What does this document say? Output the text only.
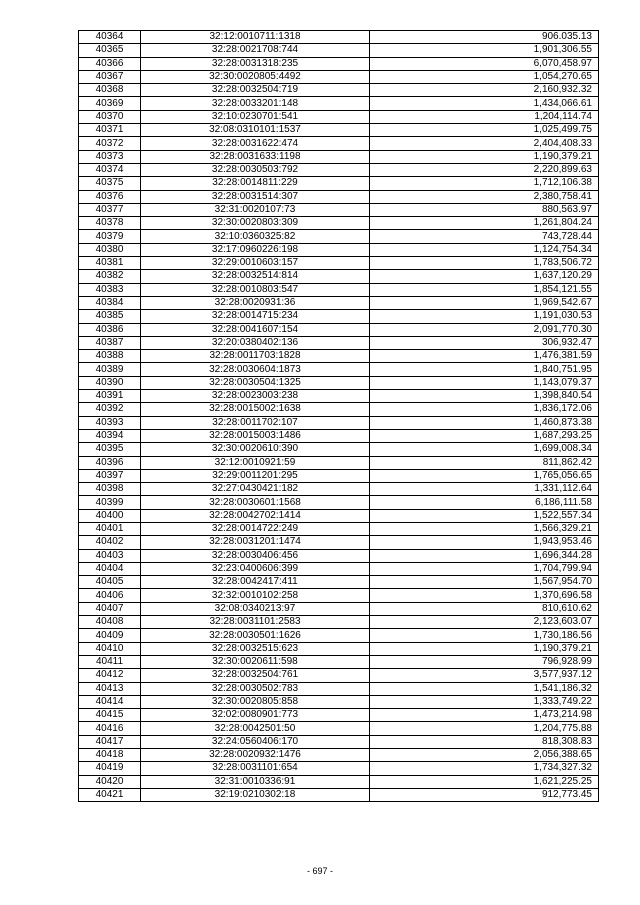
40364	32:12:0010711:1318	906.035.13
40365	32:28:0021708:744	1,901,306.55
40366	32:28:0031318:235	6,070,458.97
40367	32:30:0020805:4492	1,054,270.65
40368	32:28:0032504:719	2,160,932.32
40369	32:28:0033201:148	1,434,066.61
40370	32:10:0230701:541	1,204,114.74
40371	32:08:0310101:1537	1,025,499.75
40372	32:28:0031622:474	2,404,408.33
40373	32:28:0031633:1198	1,190,379.21
40374	32:28:0030503:792	2,220,899.63
40375	32:28:0014811:229	1,712,106.38
40376	32:28:0031514:307	2,380,758.41
40377	32:31:0020107:73	880,563.97
40378	32:30:0020803:309	1,261,804.24
40379	32:10:0360325:82	743,728.44
40380	32:17:0960226:198	1,124,754.34
40381	32:29:0010603:157	1,783,506.72
40382	32:28:0032514:814	1,637,120.29
40383	32:28:0010803:547	1,854,121.55
40384	32:28:0020931:36	1,969,542.67
40385	32:28:0014715:234	1,191,030.53
40386	32:28:0041607:154	2,091,770.30
40387	32:20:0380402:136	306,932.47
40388	32:28:0011703:1828	1,476,381.59
40389	32:28:0030604:1873	1,840,751.95
40390	32:28:0030504:1325	1,143,079.37
40391	32:28:0023003:238	1,398,840.54
40392	32:28:0015002:1638	1,836,172.06
40393	32:28:0011702:107	1,460,873.38
40394	32:28:0015003:1486	1,687,293.25
40395	32:30:0020610:390	1,699,008.34
40396	32:12:0010921:59	811,862.42
40397	32:29:0011201:295	1,765,056.65
40398	32:27:0430421:182	1,331,112.64
40399	32:28:0030601:1568	6,186,111.58
40400	32:28:0042702:1414	1,522,557.34
40401	32:28:0014722:249	1,566,329.21
40402	32:28:0031201:1474	1,943,953.46
40403	32:28:0030406:456	1,696,344.28
40404	32:23:0400606:399	1,704,799.94
40405	32:28:0042417:411	1,567,954.70
40406	32:32:0010102:258	1,370,696.58
40407	32:08:0340213:97	810,610.62
40408	32:28:0031101:2583	2,123,603.07
40409	32:28:0030501:1626	1,730,186.56
40410	32:28:0032515:623	1,190,379.21
40411	32:30:0020611:598	796,928.99
40412	32:28:0032504:761	3,577,937.12
40413	32:28:0030502:783	1,541,186.32
40414	32:30:0020805:858	1,333,749.22
40415	32:02:0080901:773	1,473,214.98
40416	32:28:0042501:50	1,204,775.88
40417	32:24:0560406:170	818,308.83
40418	32:28:0020932:1476	2,056,388.65
40419	32:28:0031101:654	1,734,327.32
40420	32:31:0010336:91	1,621,225.25
40421	32:19:0210302:18	912,773.45
- 697 -
